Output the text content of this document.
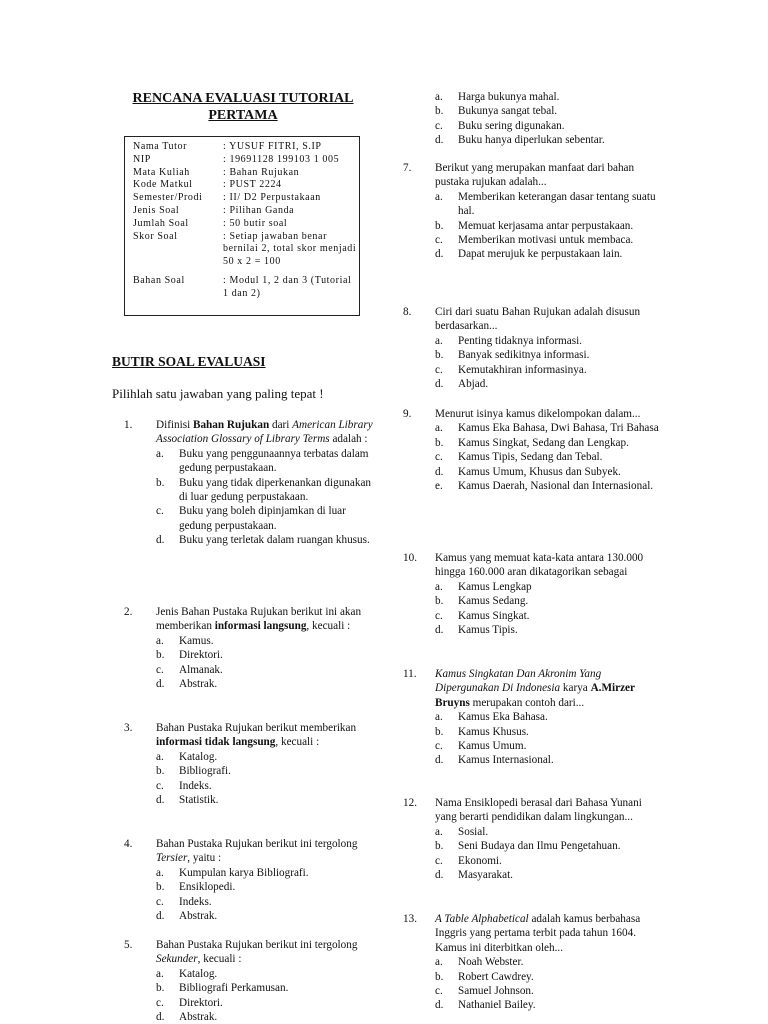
RENCANA EVALUASI TUTORIAL
PERTAMA
Nama Tutor	: YUSUF FITRI, S.IP
NIP	: 19691128 199103 1 005
Mata Kuliah	: Bahan Rujukan
Kode Matkul	: PUST 2224
Semester/Prodi	: II/ D2 Perpustakaan
Jenis Soal	: Pilihan Ganda
Jumlah Soal	: 50 butir soal
Skor Soal	: Setiap jawaban benar bernilai 2, total skor menjadi 50 x 2 = 100
Bahan Soal	: Modul 1, 2 dan 3 (Tutorial 1 dan 2)
BUTIR SOAL EVALUASI
Pilihlah satu jawaban yang paling tepat !
a.	Harga bukunya mahal.
b.	Bukunya sangat tebal.
c.	Buku sering digunakan.
d.	Buku hanya diperlukan sebentar.
1. Difinisi Bahan Rujukan dari American Library Association Glossary of Library Terms adalah :
a.	Buku yang penggunaannya terbatas dalam gedung perpustakaan.
b.	Buku yang tidak diperkenankan digunakan di luar gedung perpustakaan.
c.	Buku yang boleh dipinjamkan di luar gedung perpustakaan.
d.	Buku yang terletak dalam ruangan khusus.
2. Jenis Bahan Pustaka Rujukan berikut ini akan memberikan informasi langsung, kecuali :
a.	Kamus.
b.	Direktori.
c.	Almanak.
d.	Abstrak.
3. Bahan Pustaka Rujukan berikut memberikan informasi tidak langsung, kecuali :
a.	Katalog.
b.	Bibliografi.
c.	Indeks.
d.	Statistik.
4. Bahan Pustaka Rujukan berikut ini tergolong Tersier, yaitu :
a.	Kumpulan karya Bibliografi.
b.	Ensiklopedi.
c.	Indeks.
d.	Abstrak.
5. Bahan Pustaka Rujukan berikut ini tergolong Sekunder, kecuali :
a.	Katalog.
b.	Bibliografi Perkamusan.
c.	Direktori.
d.	Abstrak.
7. Berikut yang merupakan manfaat dari bahan pustaka rujukan adalah...
a.	Memberikan keterangan dasar tentang suatu hal.
b.	Memuat kerjasama antar perpustakaan.
c.	Memberikan motivasi untuk membaca.
d.	Dapat merujuk ke perpustakaan lain.
8. Ciri dari suatu Bahan Rujukan adalah disusun berdasarkan...
a.	Penting tidaknya informasi.
b.	Banyak sedikitnya informasi.
c.	Kemutakhiran informasinya.
d.	Abjad.
9. Menurut isinya kamus dikelompokan dalam...
a.	Kamus Eka Bahasa, Dwi Bahasa, Tri Bahasa
b.	Kamus Singkat, Sedang dan Lengkap.
c.	Kamus Tipis, Sedang dan Tebal.
d.	Kamus Umum, Khusus dan Subyek.
e.	Kamus Daerah, Nasional dan Internasional.
10. Kamus yang memuat kata-kata antara 130.000 hingga 160.000 aran dikatagorikan sebagai
a.	Kamus Lengkap
b.	Kamus Sedang.
c.	Kamus Singkat.
d.	Kamus Tipis.
11. Kamus Singkatan Dan Akronim Yang Dipergunakan Di Indonesia karya A.Mirzer Bruyns merupakan contoh dari...
a.	Kamus Eka Bahasa.
b.	Kamus Khusus.
c.	Kamus Umum.
d.	Kamus Internasional.
12. Nama Ensiklopedi berasal dari Bahasa Yunani yang berarti pendidikan dalam lingkungan...
a.	Sosial.
b.	Seni Budaya dan Ilmu Pengetahuan.
c.	Ekonomi.
d.	Masyarakat.
13. A Table Alphabetical adalah kamus berbahasa Inggris yang pertama terbit pada tahun 1604. Kamus ini diterbitkan oleh...
a.	Noah Webster.
b.	Robert Cawdrey.
c.	Samuel Johnson.
d.	Nathaniel Bailey.
